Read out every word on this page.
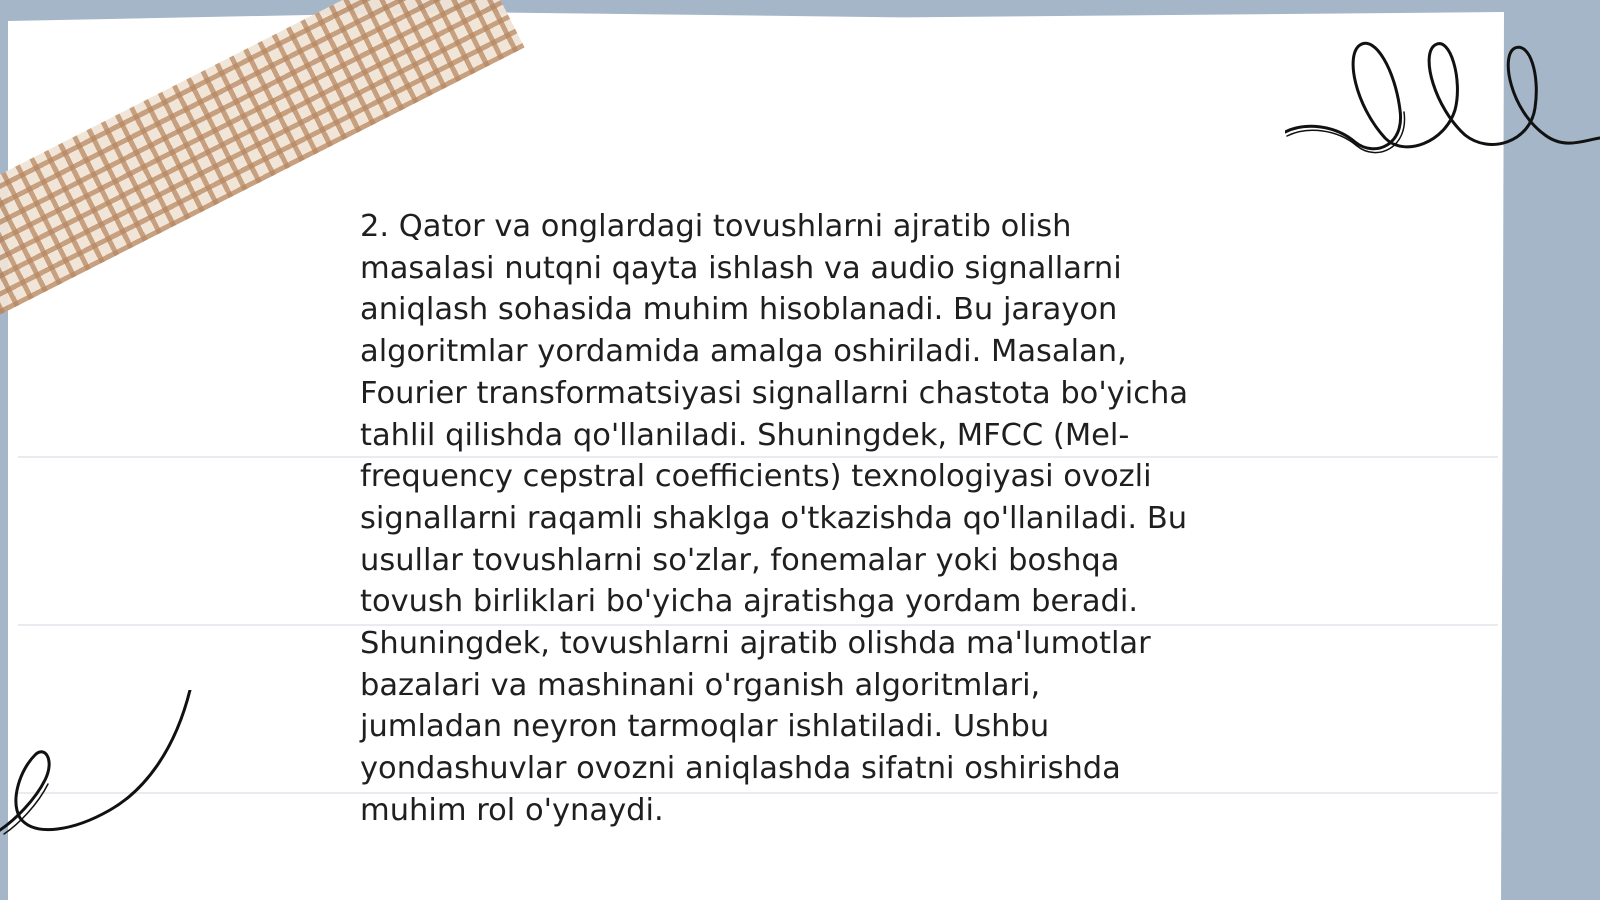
2. Qator va onglardagi tovushlarni ajratib olish
masalasi nutqni qayta ishlash va audio signallarni
aniqlash sohasida muhim hisoblanadi. Bu jarayon
algoritmlar yordamida amalga oshiriladi. Masalan,
Fourier transformatsiyasi signallarni chastota bo'yicha
tahlil qilishda qo'llaniladi. Shuningdek, MFCC (Mel-
frequency cepstral coefficients) texnologiyasi ovozli
signallarni raqamli shaklga o'tkazishda qo'llaniladi. Bu
usullar tovushlarni so'zlar, fonemalar yoki boshqa
tovush birliklari bo'yicha ajratishga yordam beradi.
Shuningdek, tovushlarni ajratib olishda ma'lumotlar
bazalari va mashinani o'rganish algoritmlari,
jumladan neyron tarmoqlar ishlatiladi. Ushbu
yondashuvlar ovozni aniqlashda sifatni oshirishda
muhim rol o'ynaydi.
